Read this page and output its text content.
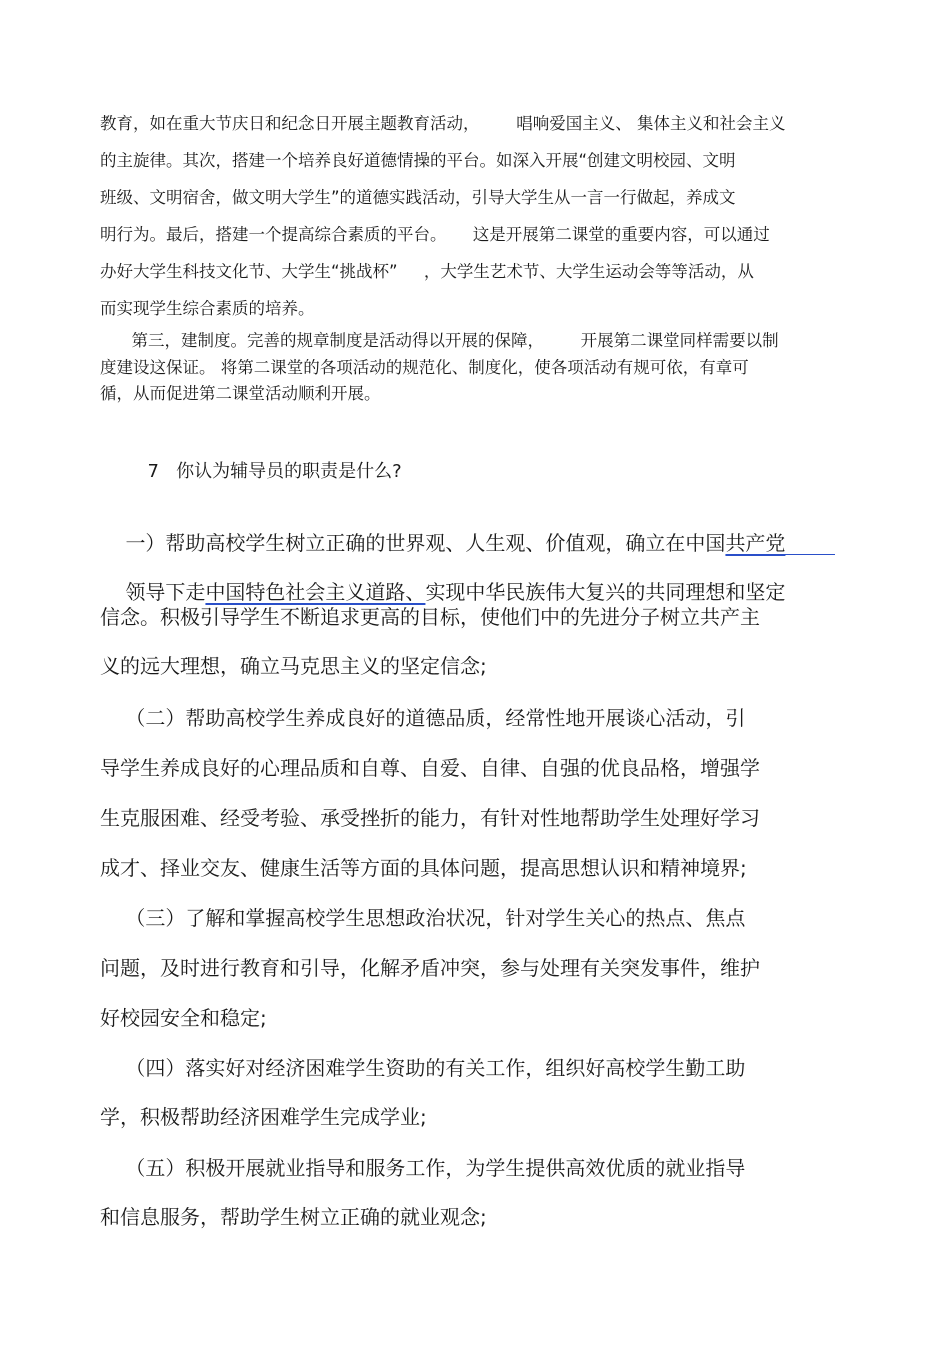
教育，如在重大节庆日和纪念日开展主题教育活动，       唱响爱国主义、 集体主义和社会主义
的主旋律。其次，搭建一个培养良好道德情操的平台。如深入开展“创建文明校园、文明
班级、文明宿舍，做文明大学生”的道德实践活动，引导大学生从一言一行做起，养成文
明行为。最后，搭建一个提高综合素质的平台。     这是开展第二课堂的重要内容，可以通过
办好大学生科技文化节、大学生“挑战杯”     ，大学生艺术节、大学生运动会等等活动，从
而实现学生综合素质的培养。
第三，建制度。完善的规章制度是活动得以开展的保障，       开展第二课堂同样需要以制
度建设这保证。 将第二课堂的各项活动的规范化、制度化，使各项活动有规可依，有章可
循，从而促进第二课堂活动顺利开展。

7 你认为辅导员的职责是什么?

一）帮助高校学生树立正确的世界观、人生观、价值观，确立在中国共产党

领导下走中国特色社会主义道路、实现中华民族伟大复兴的共同理想和坚定

信念。积极引导学生不断追求更高的目标，使他们中的先进分子树立共产主
义的远大理想，确立马克思主义的坚定信念;
（二）帮助高校学生养成良好的道德品质，经常性地开展谈心活动，引
导学生养成良好的心理品质和自尊、自爱、自律、自强的优良品格，增强学
生克服困难、经受考验、承受挫折的能力，有针对性地帮助学生处理好学习
成才、择业交友、健康生活等方面的具体问题，提高思想认识和精神境界;
（三）了解和掌握高校学生思想政治状况，针对学生关心的热点、焦点
问题，及时进行教育和引导，化解矛盾冲突，参与处理有关突发事件，维护
好校园安全和稳定;
（四）落实好对经济困难学生资助的有关工作，组织好高校学生勤工助
学，积极帮助经济困难学生完成学业;
（五）积极开展就业指导和服务工作，为学生提供高效优质的就业指导
和信息服务，帮助学生树立正确的就业观念;
